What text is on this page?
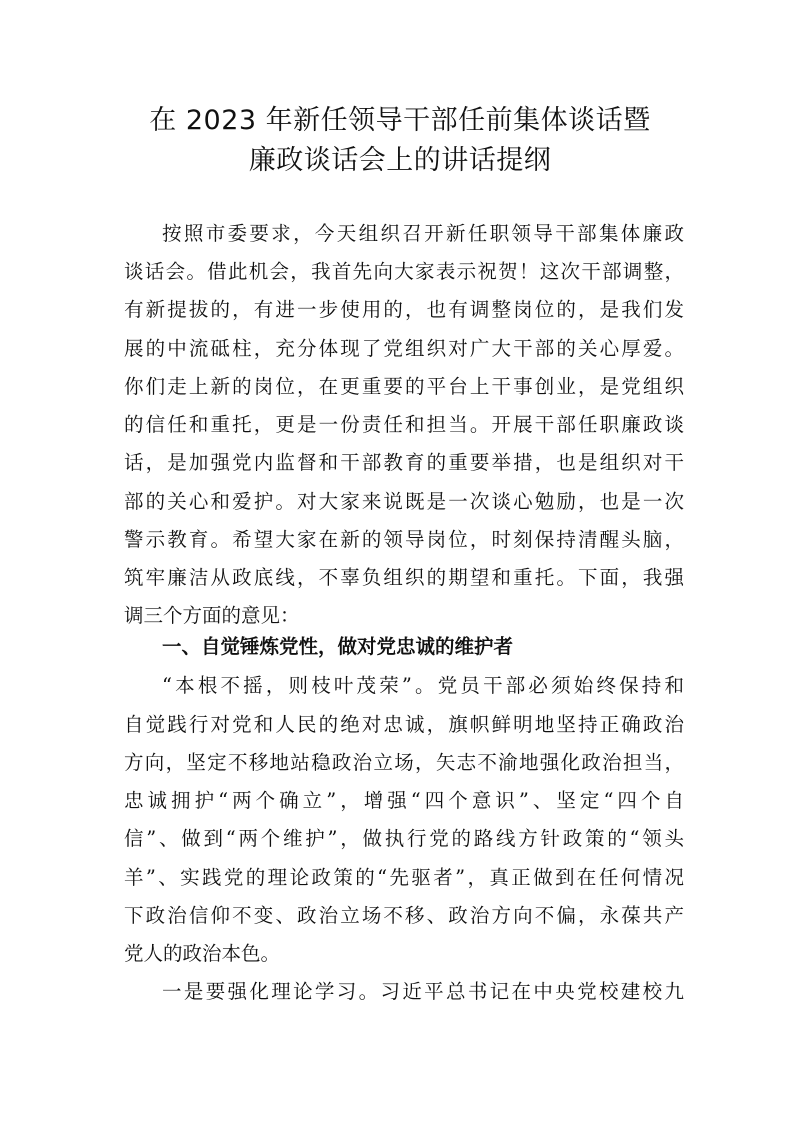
在 2023 年新任领导干部任前集体谈话暨
廉政谈话会上的讲话提纲
按照市委要求，今天组织召开新任职领导干部集体廉政
谈话会。借此机会，我首先向大家表示祝贺！这次干部调整，
有新提拔的，有进一步使用的，也有调整岗位的，是我们发
展的中流砥柱，充分体现了党组织对广大干部的关心厚爱。
你们走上新的岗位，在更重要的平台上干事创业，是党组织
的信任和重托，更是一份责任和担当。开展干部任职廉政谈
话，是加强党内监督和干部教育的重要举措，也是组织对干
部的关心和爱护。对大家来说既是一次谈心勉励，也是一次
警示教育。希望大家在新的领导岗位，时刻保持清醒头脑，
筑牢廉洁从政底线，不辜负组织的期望和重托。下面，我强
调三个方面的意见：
一、自觉锤炼党性，做对党忠诚的维护者
“本根不摇，则枝叶茂荣”。党员干部必须始终保持和
自觉践行对党和人民的绝对忠诚，旗帜鲜明地坚持正确政治
方向，坚定不移地站稳政治立场，矢志不渝地强化政治担当，
忠诚拥护“两个确立”，增强“四个意识”、坚定“四个自
信”、做到“两个维护”，做执行党的路线方针政策的“领头
羊”、实践党的理论政策的“先驱者”，真正做到在任何情况
下政治信仰不变、政治立场不移、政治方向不偏，永葆共产
党人的政治本色。
一是要强化理论学习。习近平总书记在中央党校建校九
